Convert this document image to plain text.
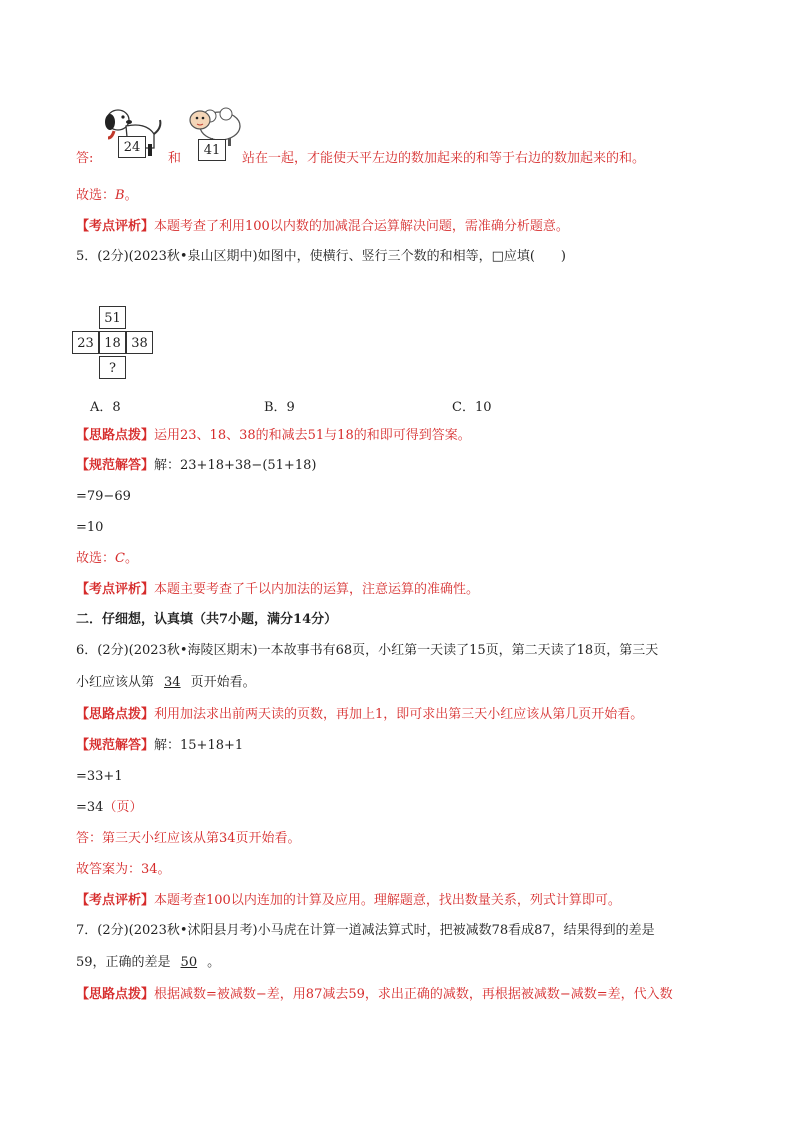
答:
24
和
41
站在一起，才能使天平左边的数加起来的和等于右边的数加起来的和。
故选：B。
【考点评析】本题考查了利用100以内数的加减混合运算解决问题，需准确分析题意。
5．(2分)(2023秋•泉山区期中)如图中，使横行、竖行三个数的和相等，□应填(　　)
51
23 18 38
?
A．8	B．9	C．10
【思路点拨】运用23、18、38的和减去51与18的和即可得到答案。
【规范解答】解：23+18+38−(51+18)
=79−69
=10
故选：C。
【考点评析】本题主要考查了千以内加法的运算，注意运算的准确性。
二．仔细想，认真填（共7小题，满分14分）
6．(2分)(2023秋•海陵区期末)一本故事书有68页，小红第一天读了15页，第二天读了18页，第三天
小红应该从第 34 页开始看。
【思路点拨】利用加法求出前两天读的页数，再加上1，即可求出第三天小红应该从第几页开始看。
【规范解答】解：15+18+1
=33+1
=34（页）
答：第三天小红应该从第34页开始看。
故答案为：34。
【考点评析】本题考查100以内连加的计算及应用。理解题意，找出数量关系，列式计算即可。
7．(2分)(2023秋•沭阳县月考)小马虎在计算一道减法算式时，把被减数78看成87，结果得到的差是
59，正确的差是 50 。
【思路点拨】根据减数=被减数−差，用87减去59，求出正确的减数，再根据被减数−减数=差，代入数
